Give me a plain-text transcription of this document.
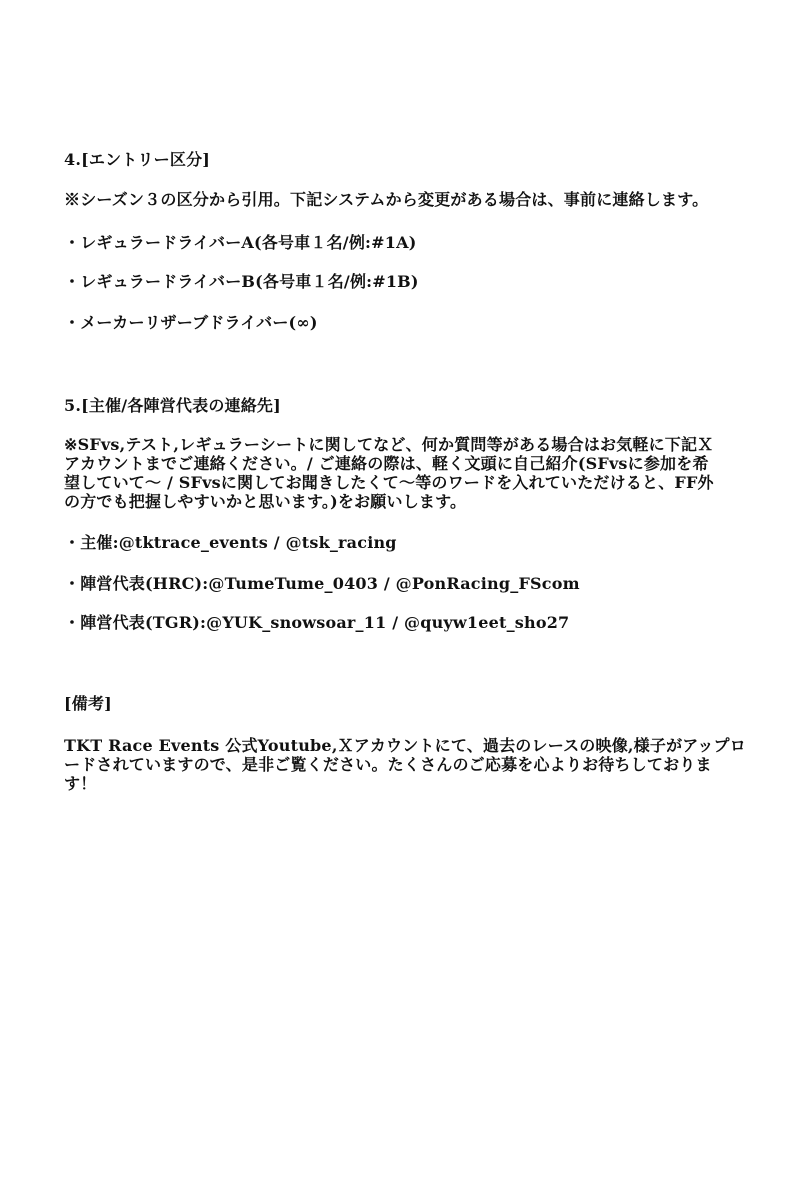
4.[エントリー区分]
※シーズン３の区分から引用。下記システムから変更がある場合は、事前に連絡します。
・レギュラードライバーA(各号車１名/例:#1A)
・レギュラードライバーB(各号車１名/例:#1B)
・メーカーリザーブドライバー(∞)
5.[主催/各陣営代表の連絡先]
※SFvs,テスト,レギュラーシートに関してなど、何か質問等がある場合はお気軽に下記Ｘ
アカウントまでご連絡ください。/ ご連絡の際は、軽く文頭に自己紹介(SFvsに参加を希
望していて〜 / SFvsに関してお聞きしたくて〜等のワードを入れていただけると、FF外
の方でも把握しやすいかと思います。)をお願いします。
・主催:@tktrace_events / @tsk_racing
・陣営代表(HRC):@TumeTume_0403 / @PonRacing_FScom
・陣営代表(TGR):@YUK_snowsoar_11 / @quyw1eet_sho27
[備考]
TKT Race Events 公式Youtube,Ｘアカウントにて、過去のレースの映像,様子がアップロ
ードされていますので、是非ご覧ください。たくさんのご応募を心よりお待ちしておりま
す！
